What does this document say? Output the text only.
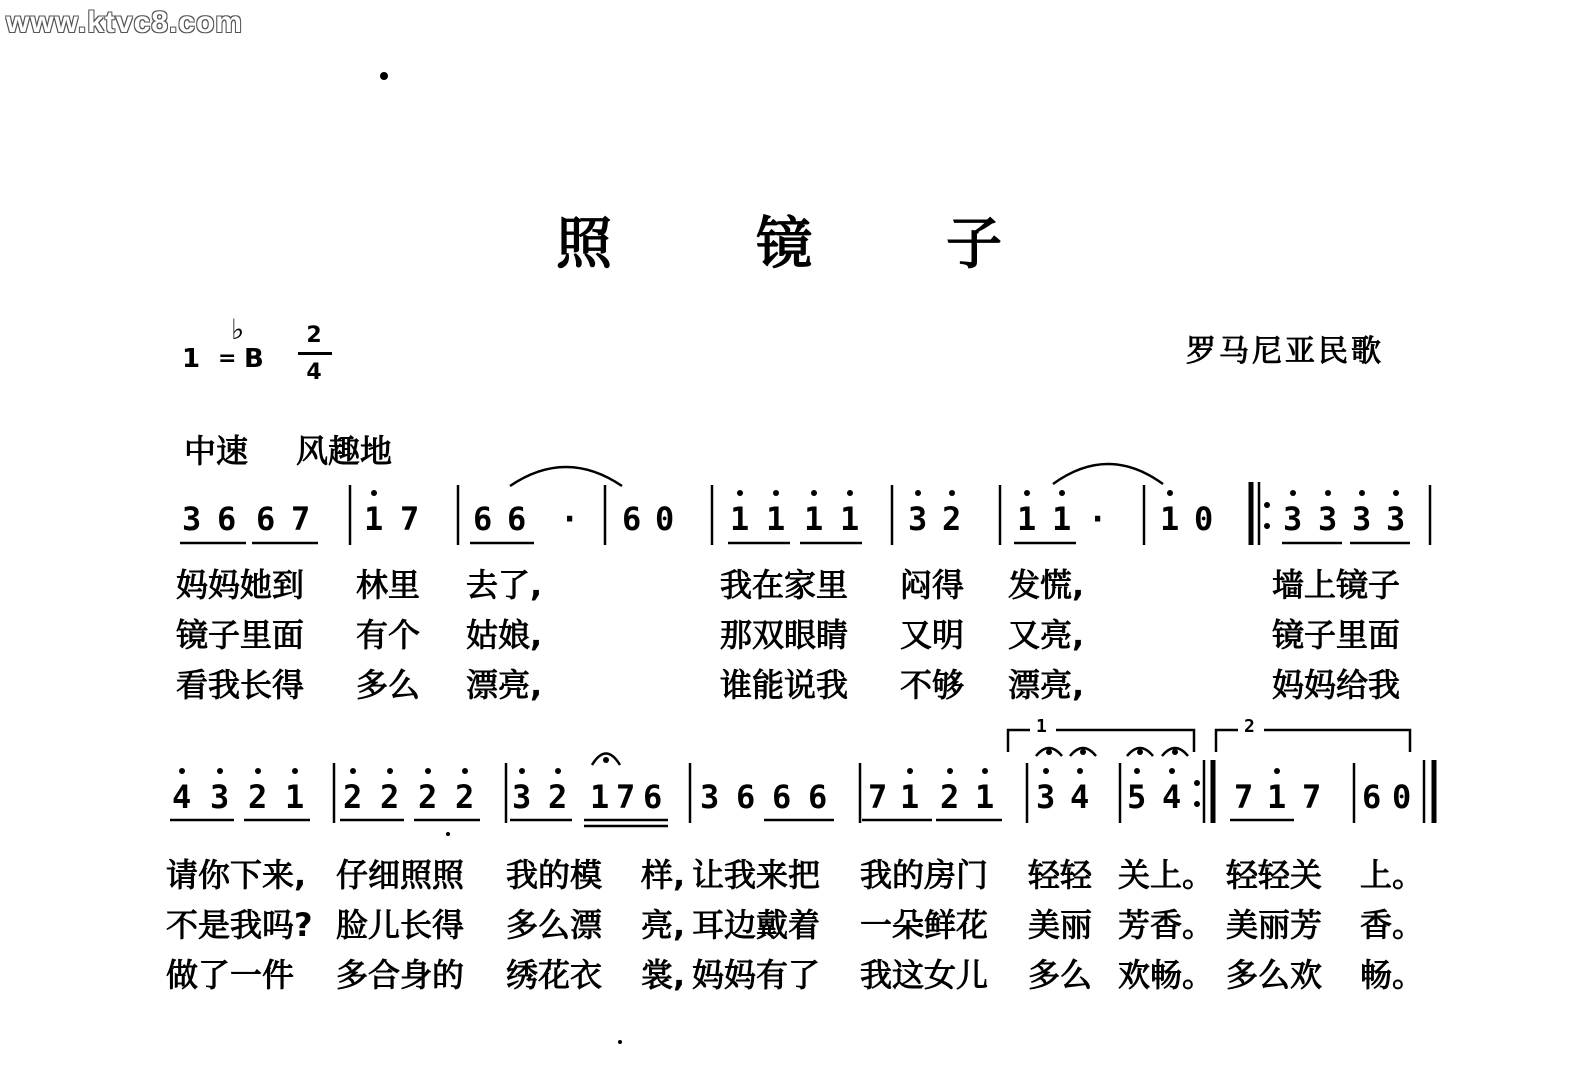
www.ktvc8.com
照	镜 子
1 =
♭
B
2
4
罗马尼亚民歌
中速 风趣地
3 6 6 7 1 7 6 6 · 6 0 1 1 1 1 3 2 1 1 · 1 0 3 3 3 3
妈妈她到 林里 去了,	我在家里 闷得 发慌,	墙上镜子
镜子里面 有个 姑娘,	那双眼睛 又明 又亮,	镜子里面
看我长得 多么 漂亮,	谁能说我 不够 漂亮,	妈妈给我
1	2
4 3 2 1 2 2 2 2 3 2 1 7 6 3 6 6 6 7 1 2 1 3 4 5 4 7 1 7 6 0
请你下来, 仔细照照 我的模 样, 让我来把 我的房门 轻轻 关上。 轻轻关 上。
不是我吗? 脸儿长得 多么漂 亮, 耳边戴着 一朵鲜花 美丽 芳香。 美丽芳 香。
做了一件 多合身的 绣花衣 裳, 妈妈有了 我这女儿 多么 欢畅。 多么欢 畅。
